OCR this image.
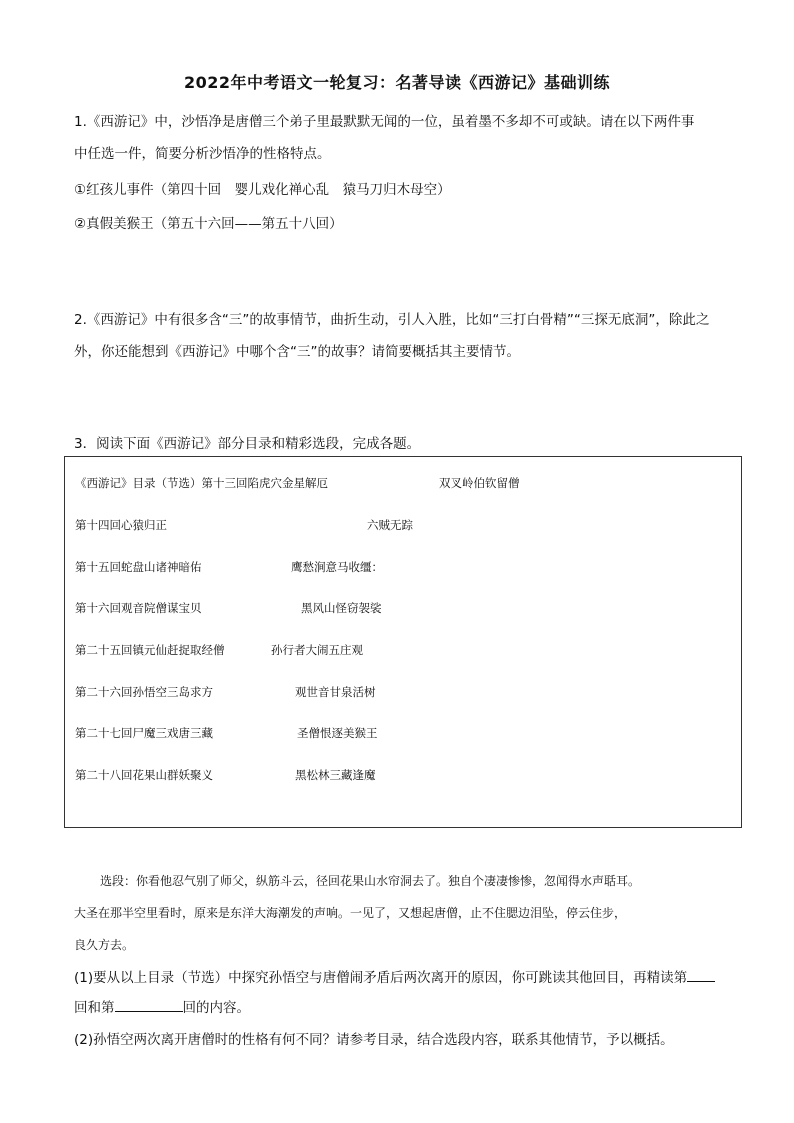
2022年中考语文一轮复习：名著导读《西游记》基础训练
1.《西游记》中，沙悟净是唐僧三个弟子里最默默无闻的一位，虽着墨不多却不可或缺。请在以下两件事
中任选一件，简要分析沙悟净的性格特点。
①红孩儿事件（第四十回　婴儿戏化禅心乱　猿马刀归木母空）
②真假美猴王（第五十六回——第五十八回）
2.《西游记》中有很多含“三”的故事情节，曲折生动，引人入胜，比如“三打白骨精”“三探无底洞”，除此之
外，你还能想到《西游记》中哪个含“三”的故事？请简要概括其主要情节。
3．阅读下面《西游记》部分目录和精彩选段，完成各题。
《西游记》目录（节选）第十三回陷虎穴金星解厄	双叉岭伯钦留僧
第十四回心猿归正	六贼无踪
第十五回蛇盘山诸神暗佑	鹰愁涧意马收缰：
第十六回观音院僧谋宝贝	黑风山怪窃袈裟
第二十五回镇元仙赶捉取经僧	孙行者大闹五庄观
第二十六回孙悟空三岛求方	观世音甘泉活树
第二十七回尸魔三戏唐三藏	圣僧恨逐美猴王
第二十八回花果山群妖聚义	黑松林三藏逢魔
选段：你看他忍气别了师父，纵筋斗云，径回花果山水帘洞去了。独自个凄凄惨惨，忽闻得水声聒耳。
大圣在那半空里看时，原来是东洋大海潮发的声响。一见了，又想起唐僧，止不住腮边泪坠，停云住步，
良久方去。
(1)要从以上目录（节选）中探究孙悟空与唐僧闹矛盾后两次离开的原因，你可跳读其他回目，再精读第
回和第	回的内容。
(2)孙悟空两次离开唐僧时的性格有何不同？请参考目录，结合选段内容，联系其他情节，予以概括。
